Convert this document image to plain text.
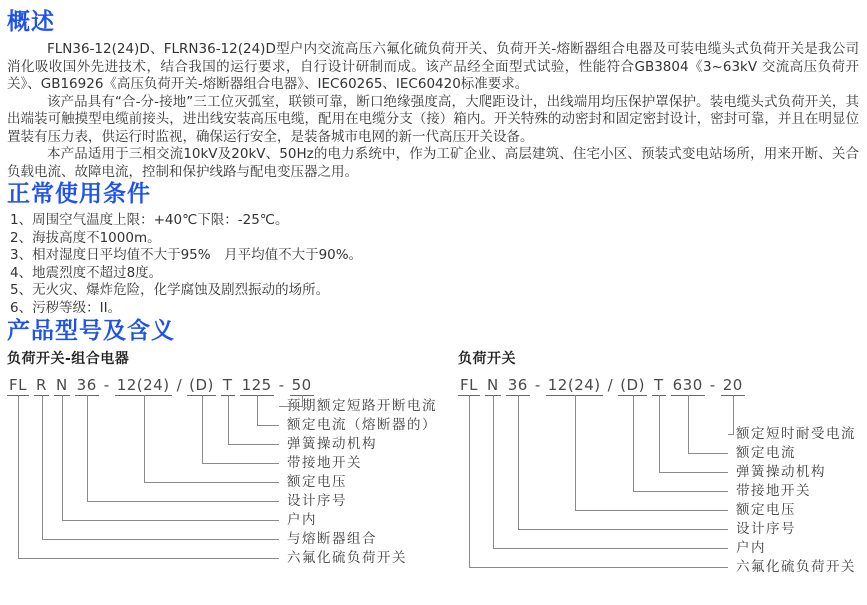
概述

FLN36-12(24)D、FLRN36-12(24)D型户内交流高压六氟化硫负荷开关、负荷开关-熔断器组合电器及可装电缆头式负荷开关是我公司消化吸收国外先进技术，结合我国的运行要求，自行设计研制而成。该产品经全面型式试验，性能符合GB3804《3~63kV 交流高压负荷开关》、GB16926《高压负荷开关-熔断器组合电器》、IEC60265、IEC60420标准要求。

该产品具有“合-分-接地”三工位灭弧室，联锁可靠，断口绝缘强度高，大爬距设计，出线端用均压保护罩保护。装电缆头式负荷开关，其出端装可触摸型电缆前接头，进出线安装高压电缆，配用在电缆分支（接）箱内。开关特殊的动密封和固定密封设计，密封可靠，并且在明显位置装有压力表，供运行时监视，确保运行安全，是装备城市电网的新一代高压开关设备。

本产品适用于三相交流10kV及20kV、50Hz的电力系统中，作为工矿企业、高层建筑、住宅小区、预装式变电站场所，用来开断、关合负载电流、故障电流，控制和保护线路与配电变压器之用。

正常使用条件
1、周围空气温度上限：+40℃下限：-25℃。
2、海拔高度不1000m。
3、相对湿度日平均值不大于95%　月平均值不大于90%。
4、地震烈度不超过8度。
5、无火灾、爆炸危险，化学腐蚀及剧烈振动的场所。
6、污秽等级：II。
产品型号及含义
负荷开关-组合电器
FL R N 36 - 12(24) / (D) T 125 - 50
六氟化硫负荷开关
与熔断器组合
户内
设计序号
额定电压
带接地开关
弹簧操动机构
额定电流（熔断器的）
预期额定短路开断电流
负荷开关
FL N 36 - 12(24) / (D) T 630 - 20
六氟化硫负荷开关
户内
设计序号
额定电压
带接地开关
弹簧操动机构
额定电流
额定短时耐受电流
